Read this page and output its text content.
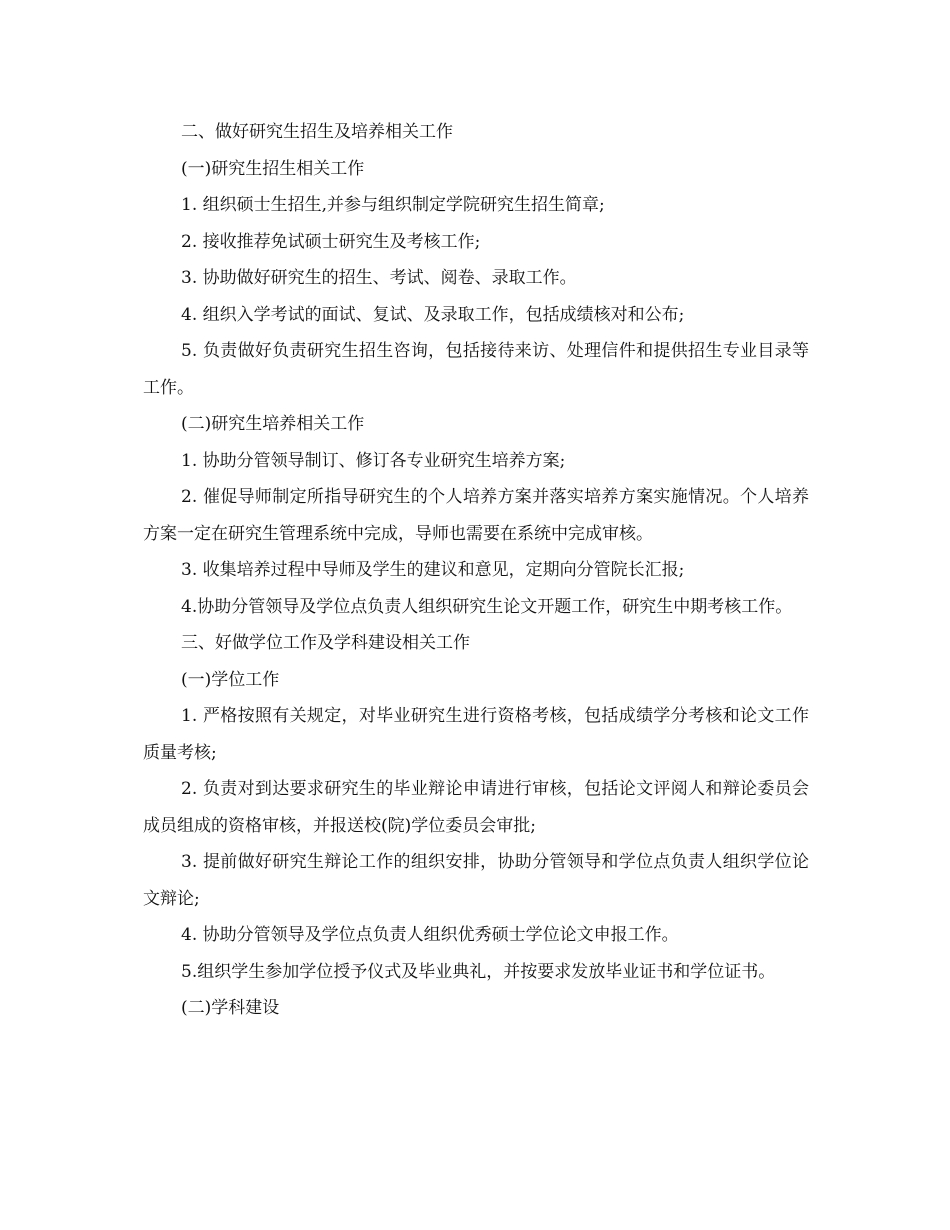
二、做好研究生招生及培养相关工作

(一)研究生招生相关工作

1. 组织硕士生招生,并参与组织制定学院研究生招生简章;

2. 接收推荐免试硕士研究生及考核工作;

3. 协助做好研究生的招生、考试、阅卷、录取工作。

4. 组织入学考试的面试、复试、及录取工作，包括成绩核对和公布;

5. 负责做好负责研究生招生咨询，包括接待来访、处理信件和提供招生专业目录等工作。

(二)研究生培养相关工作

1. 协助分管领导制订、修订各专业研究生培养方案;

2. 催促导师制定所指导研究生的个人培养方案并落实培养方案实施情况。个人培养方案一定在研究生管理系统中完成，导师也需要在系统中完成审核。

3. 收集培养过程中导师及学生的建议和意见，定期向分管院长汇报;

4.协助分管领导及学位点负责人组织研究生论文开题工作，研究生中期考核工作。

三、好做学位工作及学科建设相关工作

(一)学位工作

1. 严格按照有关规定，对毕业研究生进行资格考核，包括成绩学分考核和论文工作质量考核;

2. 负责对到达要求研究生的毕业辩论申请进行审核，包括论文评阅人和辩论委员会成员组成的资格审核，并报送校(院)学位委员会审批;

3. 提前做好研究生辩论工作的组织安排，协助分管领导和学位点负责人组织学位论文辩论;

4. 协助分管领导及学位点负责人组织优秀硕士学位论文申报工作。

5.组织学生参加学位授予仪式及毕业典礼，并按要求发放毕业证书和学位证书。

(二)学科建设
